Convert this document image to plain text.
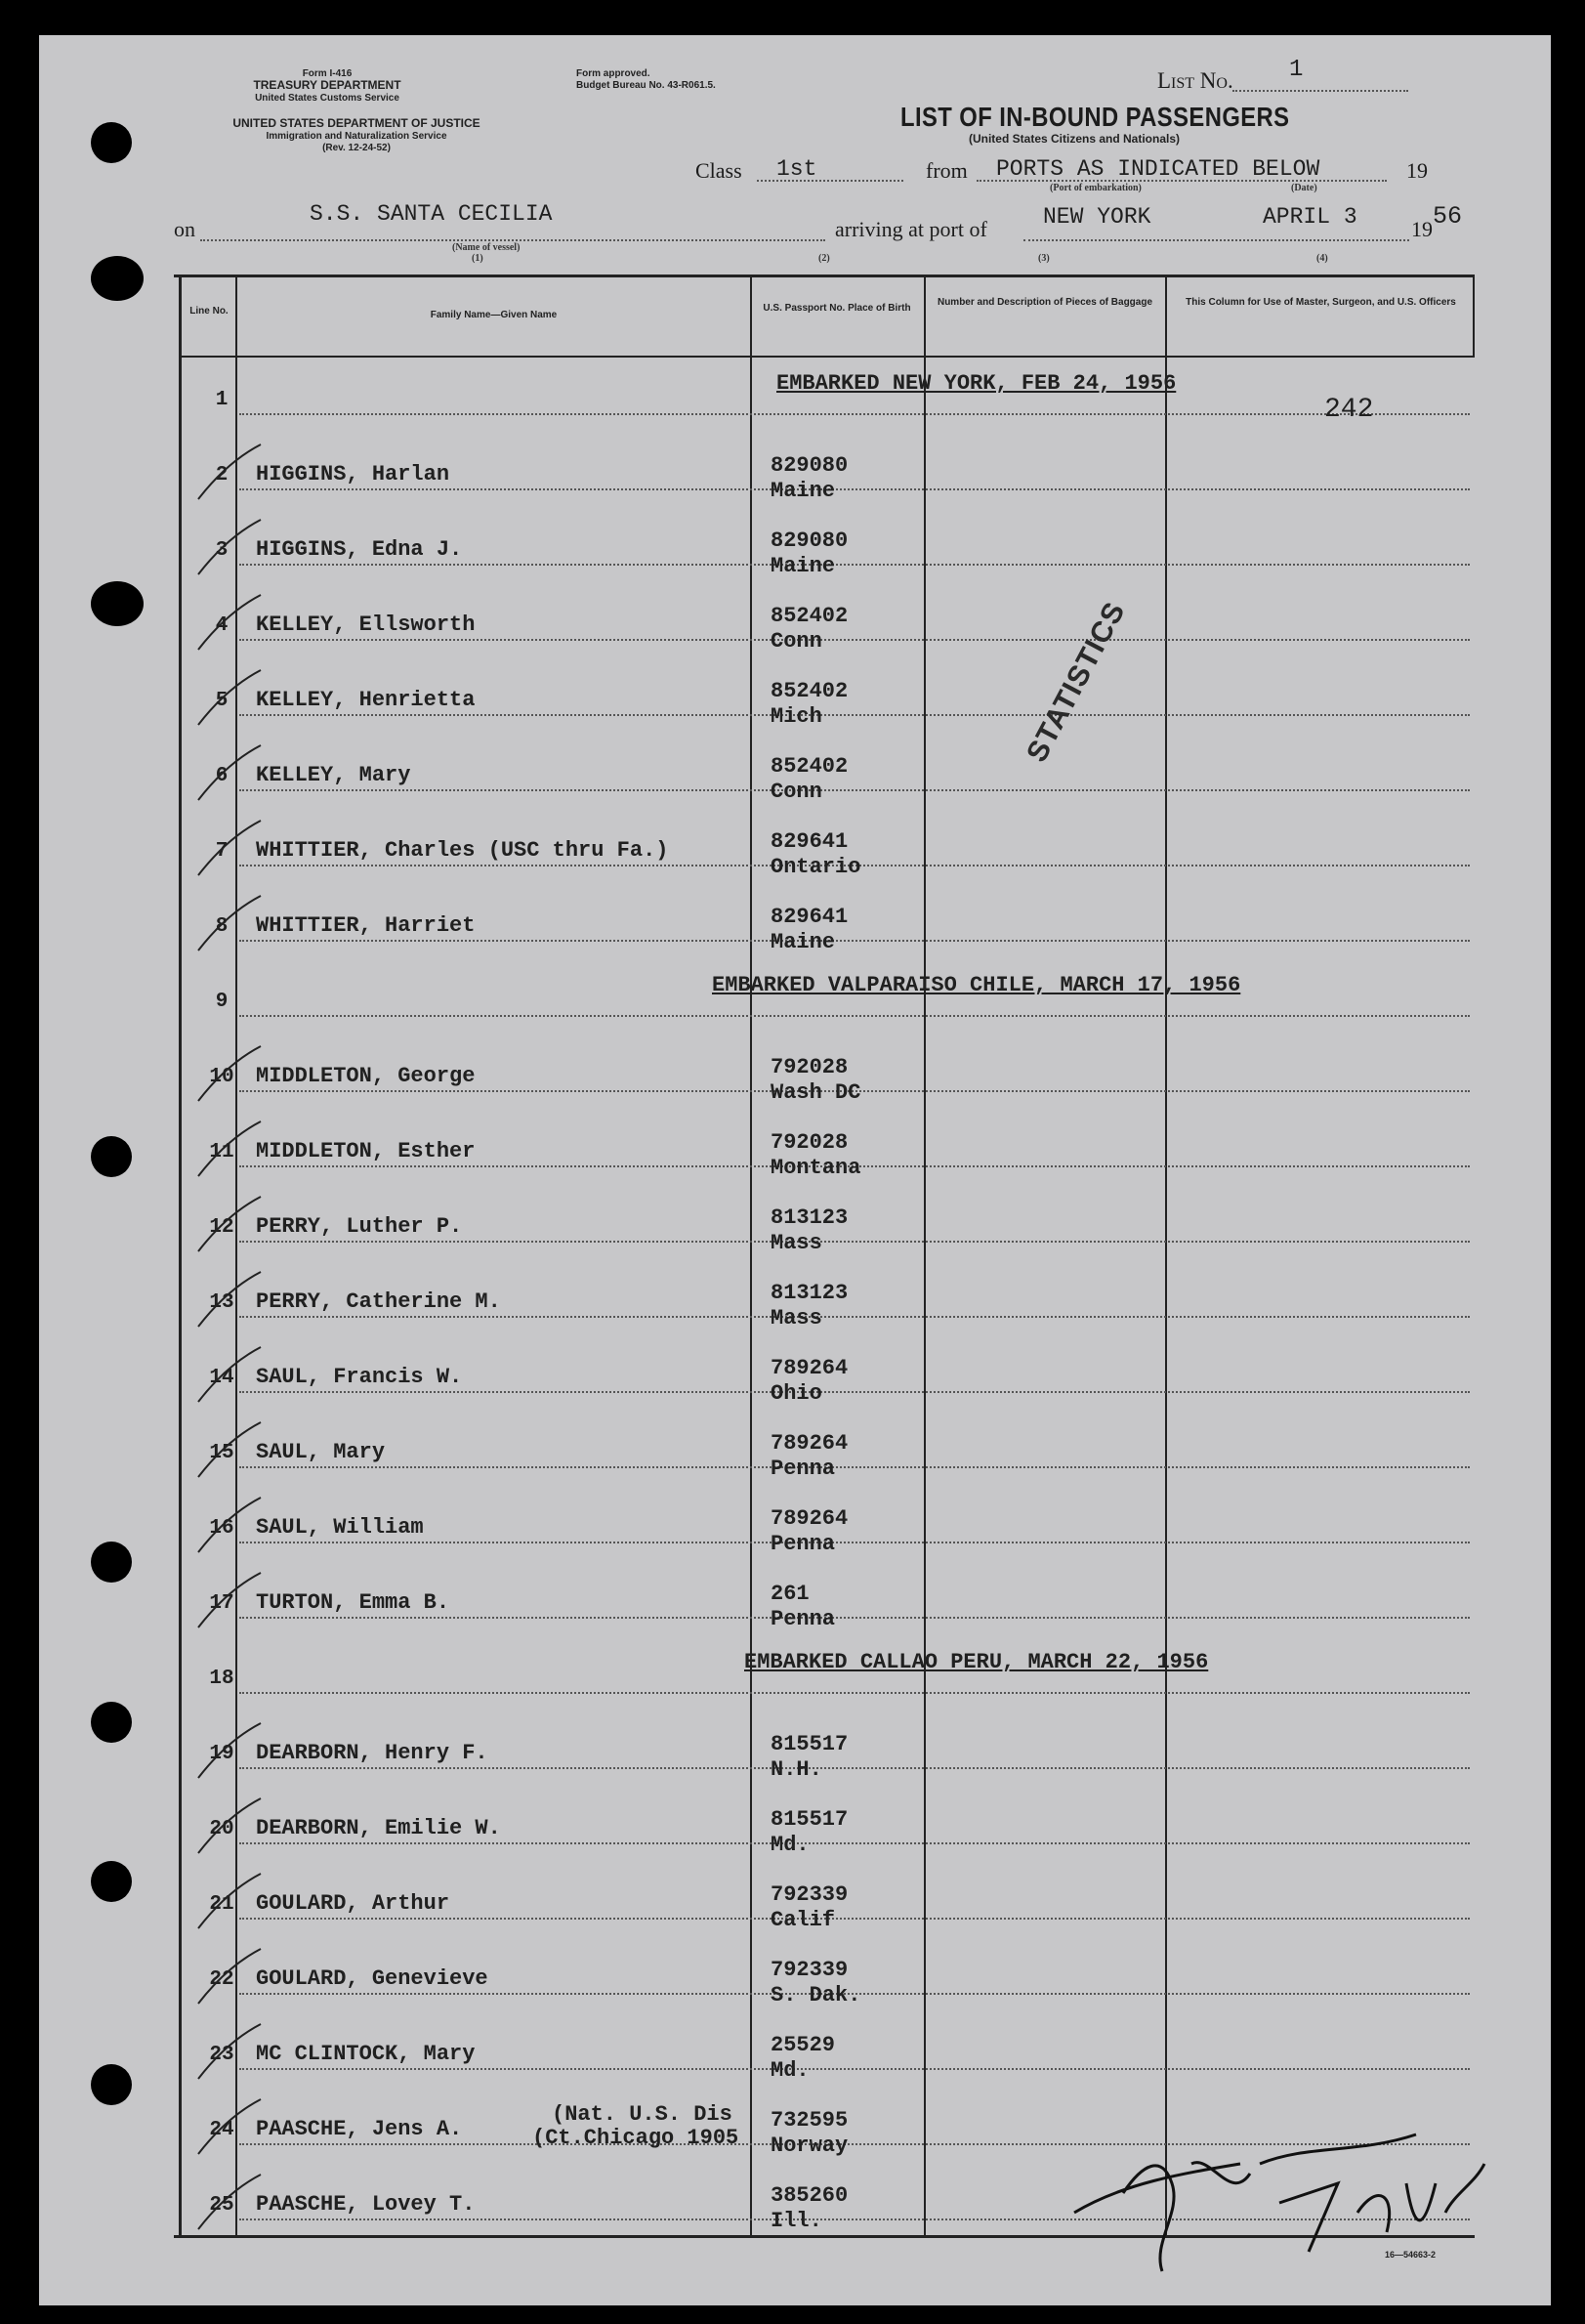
Form I-416
TREASURY DEPARTMENT
United States Customs Service
Form approved.
Budget Bureau No. 43-R061.5.
UNITED STATES DEPARTMENT OF JUSTICE
Immigration and Naturalization Service
(Rev. 12-24-52)
List No. 1
LIST OF IN-BOUND PASSENGERS
(United States Citizens and Nationals)
Class 1st	from PORTS AS INDICATED BELOW	19
(Port of embarkation)	(Date)
on
S.S. SANTA CECILIA
(Name of vessel)
(1)
arriving at port of NEW YORK	APRIL 3	19 56
(2)	(3)	(4)
Line No.	Family Name—Given Name
U.S. Passport No. Place of Birth
Number and Description of Pieces of Baggage	This Column for Use of Master, Surgeon, and U.S. Officers
1
EMBARKED NEW YORK, FEB 24, 1956
2	HIGGINS, Harlan	829080
Maine
3	HIGGINS, Edna J.	829080
Maine
4	KELLEY, Ellsworth	852402
Conn
5	KELLEY, Henrietta	852402
Mich
6	KELLEY, Mary	852402
Conn
7	WHITTIER, Charles (USC thru Fa.)	829641
Ontario
8	WHITTIER, Harriet	829641
Maine
9
EMBARKED VALPARAISO CHILE, MARCH 17, 1956
10 MIDDLETON, George	792028
Wash DC
11 MIDDLETON, Esther	792028
Montana
12 PERRY, Luther P.	813123
Mass
13 PERRY, Catherine M.	813123
Mass
14 SAUL, Francis W.	789264
Ohio
15 SAUL, Mary	789264
Penna
16 SAUL, William	789264
Penna
17 TURTON, Emma B.	261
Penna
18
EMBARKED CALLAO PERU, MARCH 22, 1956
19 DEARBORN, Henry F.	815517
N.H.
20 DEARBORN, Emilie W.	815517
Md.
21 GOULARD, Arthur	792339
Calif
22 GOULARD, Genevieve	792339
S. Dak.
23 MC CLINTOCK, Mary	25529
Md.
24 PAASCHE, Jens A.	732595
Norway
(Nat. U.S. Dis
(Ct.Chicago 1905
25 PAASCHE, Lovey T.	385260
Ill.
242
STATISTICS
16—54663-2
